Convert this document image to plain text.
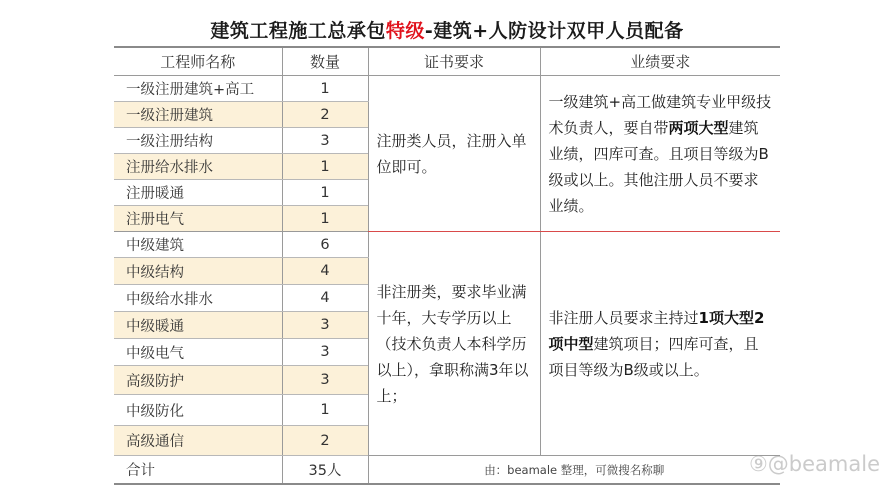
建筑工程施工总承包特级-建筑+人防设计双甲人员配备
工程师名称	数量	证书要求	业绩要求
一级注册建筑+高工	1	注册类人员，注册入单位即可。	一级建筑+高工做建筑专业甲级技术负责人，要自带两项大型建筑业绩，四库可查。且项目等级为B级或以上。其他注册人员不要求业绩。
一级注册建筑	2		
一级注册结构	3		
注册给水排水	1		
注册暖通	1		
注册电气	1		
中级建筑	6	非注册类，要求毕业满十年，大专学历以上（技术负责人本科学历以上），拿职称满3年以上；	非注册人员要求主持过1项大型2项中型建筑项目；四库可查，且项目等级为B级或以上。
中级结构	4		
中级给水排水	4		
中级暖通	3		
中级电气	3		
高级防护	3		
中级防化	1		
高级通信	2		
合计	35人	由：beamale 整理，可微搜名称聊		⑨@beamale
